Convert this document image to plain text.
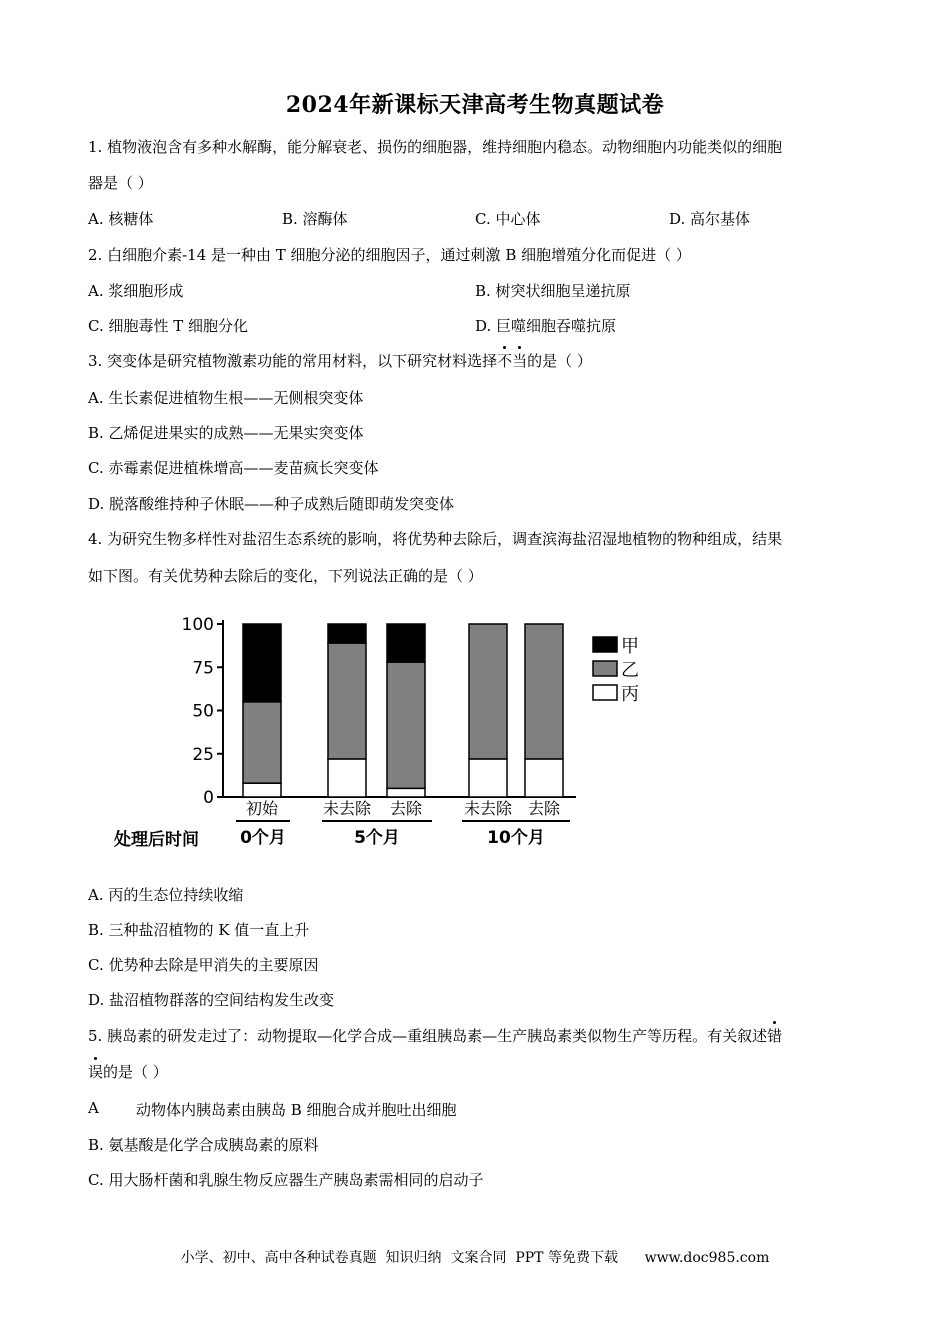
2024年新课标天津高考生物真题试卷
1. 植物液泡含有多种水解酶，能分解衰老、损伤的细胞器，维持细胞内稳态。动物细胞内功能类似的细胞
器是（ ）
A. 核糖体	B. 溶酶体	C. 中心体	D. 高尔基体
2. 白细胞介素-14 是一种由 T 细胞分泌的细胞因子，通过刺激 B 细胞增殖分化而促进（ ）
A. 浆细胞形成	B. 树突状细胞呈递抗原
C. 细胞毒性 T 细胞分化	D. 巨噬细胞吞噬抗原
3. 突变体是研究植物激素功能的常用材料，以下研究材料选择不当的是（ ）
A. 生长素促进植物生根——无侧根突变体
B. 乙烯促进果实的成熟——无果实突变体
C. 赤霉素促进植株增高——麦苗疯长突变体
D. 脱落酸维持种子休眠——种子成熟后随即萌发突变体
4. 为研究生物多样性对盐沼生态系统的影响，将优势种去除后，调查滨海盐沼湿地植物的物种组成，结果
如下图。有关优势种去除后的变化，下列说法正确的是（ ）
0
25
50
75
100
初始	未去除 去除	未去除 去除
0个月	5个月	10个月
处理后时间
甲
乙
丙
A. 丙的生态位持续收缩
B. 三种盐沼植物的 K 值一直上升
C. 优势种去除是甲消失的主要原因
D. 盐沼植物群落的空间结构发生改变
5. 胰岛素的研发走过了：动物提取—化学合成—重组胰岛素—生产胰岛素类似物生产等历程。有关叙述错
误的是（ ）
A 动物体内胰岛素由胰岛 B 细胞合成并胞吐出细胞
B. 氨基酸是化学合成胰岛素的原料
C. 用大肠杆菌和乳腺生物反应器生产胰岛素需相同的启动子
小学、初中、高中各种试卷真题  知识归纳  文案合同  PPT 等免费下载      www.doc985.com
